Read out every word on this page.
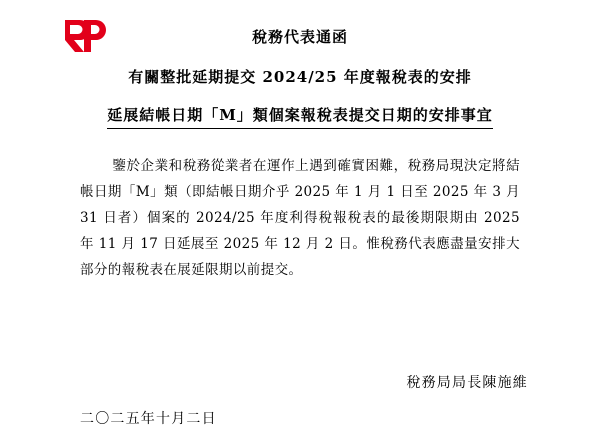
稅務代表通函
有關整批延期提交 2024/25 年度報稅表的安排
延展結帳日期「M」類個案報稅表提交日期的安排事宜
鑒於企業和稅務從業者在運作上遇到確實困難，稅務局現決定將結帳日期「M」類（即結帳日期介乎 2025 年 1 月 1 日至 2025 年 3 月 31 日者）個案的 2024/25 年度利得稅報稅表的最後期限期由 2025 年 11 月 17 日延展至 2025 年 12 月 2 日。惟稅務代表應盡量安排大部分的報稅表在展延限期以前提交。
稅務局局長陳施維
二〇二五年十月二日
